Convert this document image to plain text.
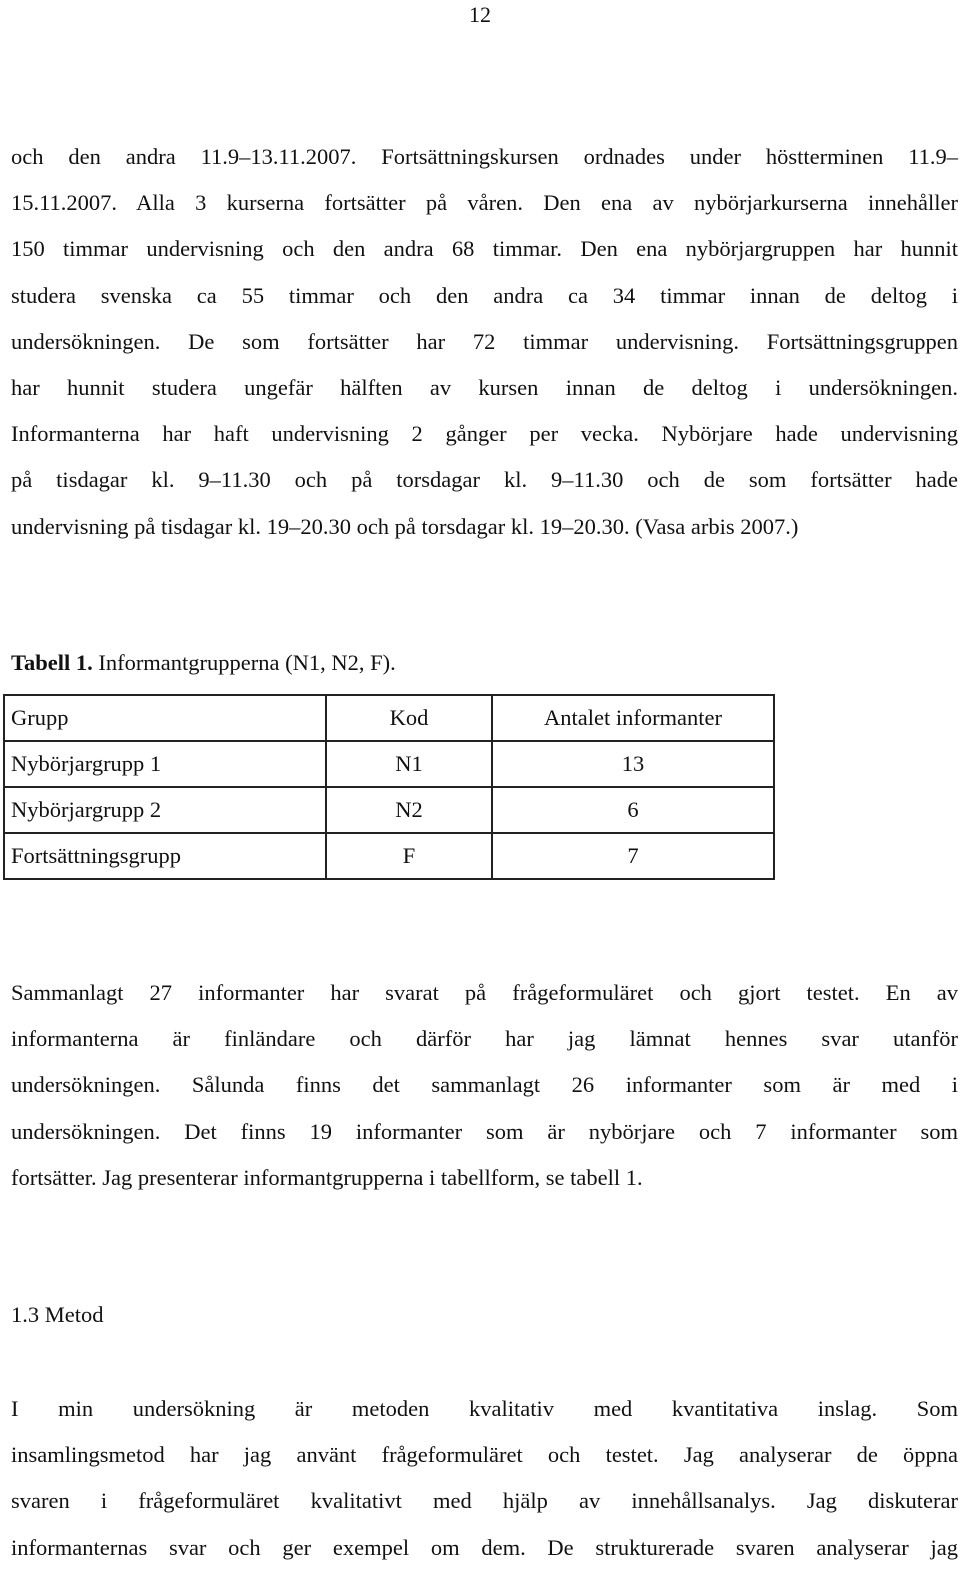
12
och den andra 11.9–13.11.2007. Fortsättningskursen ordnades under höstterminen 11.9–
15.11.2007. Alla 3 kurserna fortsätter på våren. Den ena av nybörjarkurserna innehåller
150 timmar undervisning och den andra 68 timmar. Den ena nybörjargruppen har hunnit
studera svenska ca 55 timmar och den andra ca 34 timmar innan de deltog i
undersökningen. De som fortsätter har 72 timmar undervisning. Fortsättningsgruppen
har hunnit studera ungefär hälften av kursen innan de deltog i undersökningen.
Informanterna har haft undervisning 2 gånger per vecka. Nybörjare hade undervisning
på tisdagar kl. 9–11.30 och på torsdagar kl. 9–11.30 och de som fortsätter hade
undervisning på tisdagar kl. 19–20.30 och på torsdagar kl. 19–20.30. (Vasa arbis 2007.)

Tabell 1. Informantgrupperna (N1, N2, F).

Grupp	Kod	Antalet informanter
Nybörjargrupp 1	N1	13
Nybörjargrupp 2	N2	6
Fortsättningsgrupp	F	7
Sammanlagt 27 informanter har svarat på frågeformuläret och gjort testet. En av
informanterna är finländare och därför har jag lämnat hennes svar utanför
undersökningen. Sålunda finns det sammanlagt 26 informanter som är med i
undersökningen. Det finns 19 informanter som är nybörjare och 7 informanter som
fortsätter. Jag presenterar informantgrupperna i tabellform, se tabell 1.
1.3 Metod
I min undersökning är metoden kvalitativ med kvantitativa inslag. Som
insamlingsmetod har jag använt frågeformuläret och testet. Jag analyserar de öppna
svaren i frågeformuläret kvalitativt med hjälp av innehållsanalys. Jag diskuterar
informanternas svar och ger exempel om dem. De strukturerade svaren analyserar jag
